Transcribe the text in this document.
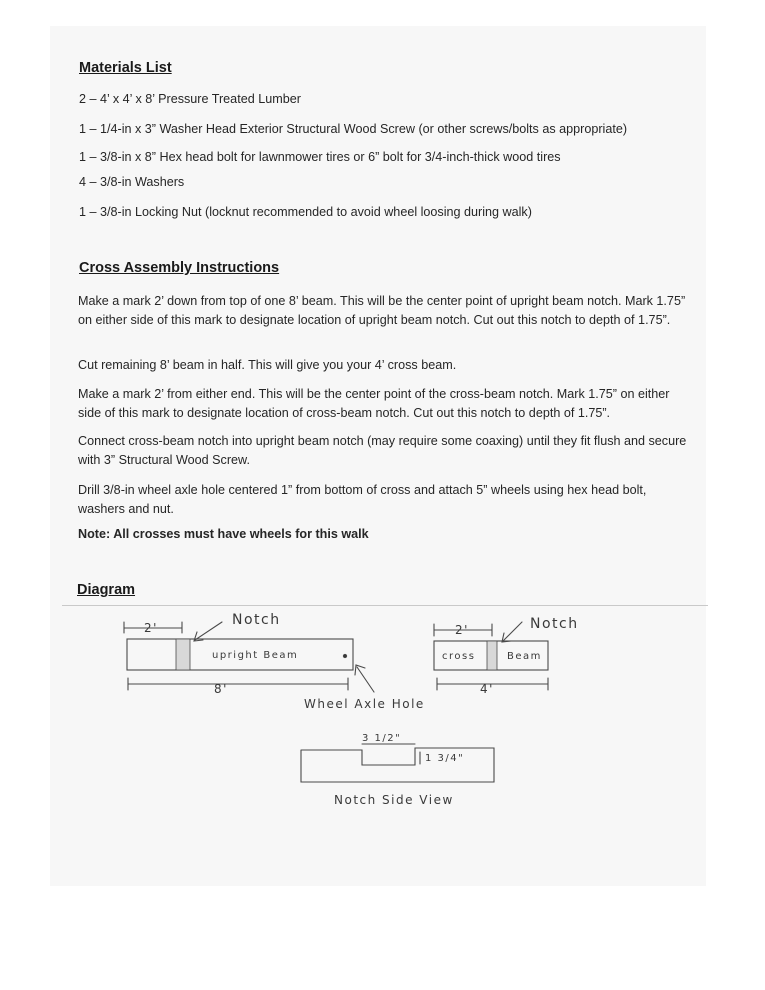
Materials List

2 – 4’ x 4’ x 8’ Pressure Treated Lumber

1 – 1/4-in x 3” Washer Head Exterior Structural Wood Screw (or other screws/bolts as appropriate)

1 – 3/8-in x 8” Hex head bolt for lawnmower tires or 6” bolt for 3/4-inch-thick wood tires

4 – 3/8-in Washers

1 – 3/8-in Locking Nut (locknut recommended to avoid wheel loosing during walk)

Cross Assembly Instructions

Make a mark 2’ down from top of one 8’ beam. This will be the center point of upright beam notch. Mark 1.75” on either side of this mark to designate location of upright beam notch. Cut out this notch to depth of 1.75”.

Cut remaining 8’ beam in half. This will give you your 4’ cross beam.

Make a mark 2’ from either end. This will be the center point of the cross-beam notch. Mark 1.75” on either side of this mark to designate location of cross-beam notch. Cut out this notch to depth of 1.75”.

Connect cross-beam notch into upright beam notch (may require some coaxing) until they fit flush and secure with 3” Structural Wood Screw.

Drill 3/8-in wheel axle hole centered 1” from bottom of cross and attach 5” wheels using hex head bolt, washers and nut.

Note: All crosses must have wheels for this walk

Diagram
Notch
2'
upright Beam
8'
Notch
2'
cross	Beam
4'
Wheel Axle Hole
3 1/2"
1 3/4"
Notch Side View
